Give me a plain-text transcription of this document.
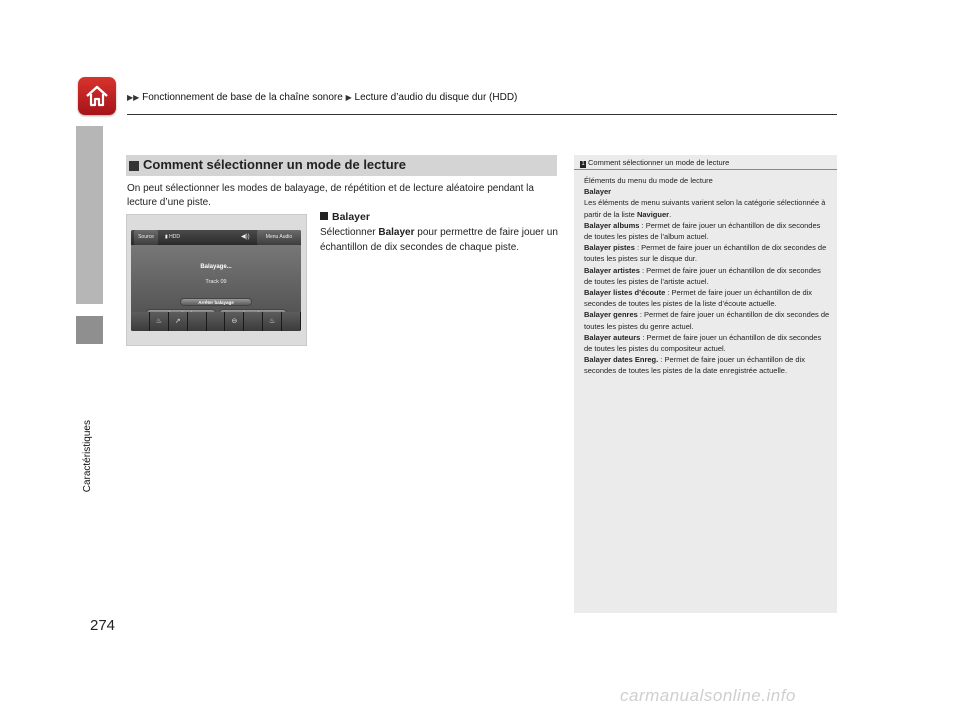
▶▶ Fonctionnement de base de la chaîne sonore ▶ Lecture d’audio du disque dur (HDD)
Caractéristiques
274
Comment sélectionner un mode de lecture
On peut sélectionner les modes de balayage, de répétition et de lecture aléatoire pendant la lecture d’une piste.
Source	▮ HDD	◀))	Menu Audio
Balayage...
Track 09
Arrêter balayage
♨	↗	⊖	♨
Balayer
Sélectionner Balayer pour permettre de faire jouer un échantillon de dix secondes de chaque piste.
1 Comment sélectionner un mode de lecture

Éléments du menu du mode de lecture

Balayer

Les éléments de menu suivants varient selon la catégorie sélectionnée à partir de la liste Naviguer.

Balayer albums : Permet de faire jouer un échantillon de dix secondes de toutes les pistes de l’album actuel.

Balayer pistes : Permet de faire jouer un échantillon de dix secondes de toutes les pistes sur le disque dur.

Balayer artistes : Permet de faire jouer un échantillon de dix secondes de toutes les pistes de l’artiste actuel.

Balayer listes d’écoute : Permet de faire jouer un échantillon de dix secondes de toutes les pistes de la liste d’écoute actuelle.

Balayer genres : Permet de faire jouer un échantillon de dix secondes de toutes les pistes du genre actuel.

Balayer auteurs : Permet de faire jouer un échantillon de dix secondes de toutes les pistes du compositeur actuel.

Balayer dates Enreg. : Permet de faire jouer un échantillon de dix secondes de toutes les pistes de la date enregistrée actuelle.

carmanualsonline.info
